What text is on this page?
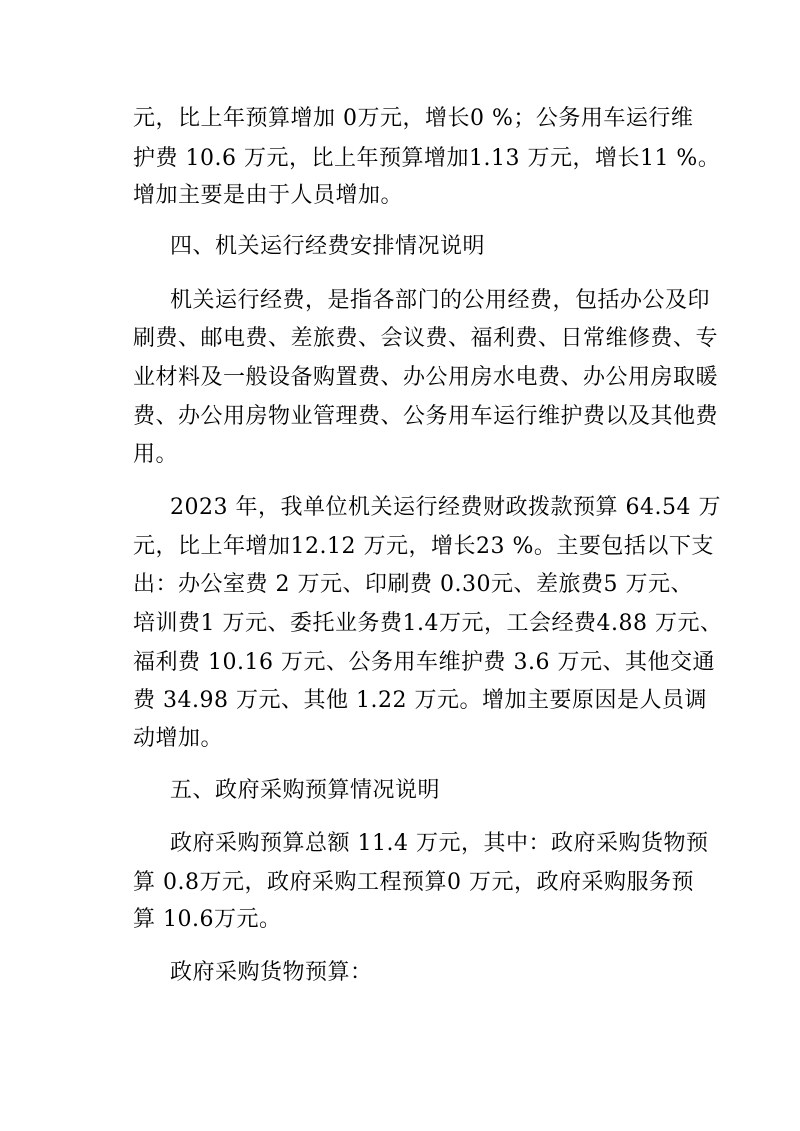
元，比上年预算增加 0万元，增长0 %；公务用车运行维
护费 10.6 万元，比上年预算增加1.13 万元，增长11 %。
增加主要是由于人员增加。
四、机关运行经费安排情况说明
机关运行经费，是指各部门的公用经费，包括办公及印
刷费、邮电费、差旅费、会议费、福利费、日常维修费、专
业材料及一般设备购置费、办公用房水电费、办公用房取暖
费、办公用房物业管理费、公务用车运行维护费以及其他费
用。
2023 年，我单位机关运行经费财政拨款预算 64.54 万
元，比上年增加12.12 万元，增长23 %。主要包括以下支
出：办公室费 2 万元、印刷费 0.30元、差旅费5 万元、
培训费1 万元、委托业务费1.4万元，工会经费4.88 万元、
福利费 10.16 万元、公务用车维护费 3.6 万元、其他交通
费 34.98 万元、其他 1.22 万元。增加主要原因是人员调
动增加。
五、政府采购预算情况说明
政府采购预算总额 11.4 万元，其中：政府采购货物预
算 0.8万元，政府采购工程预算0 万元，政府采购服务预
算 10.6万元。
政府采购货物预算：
